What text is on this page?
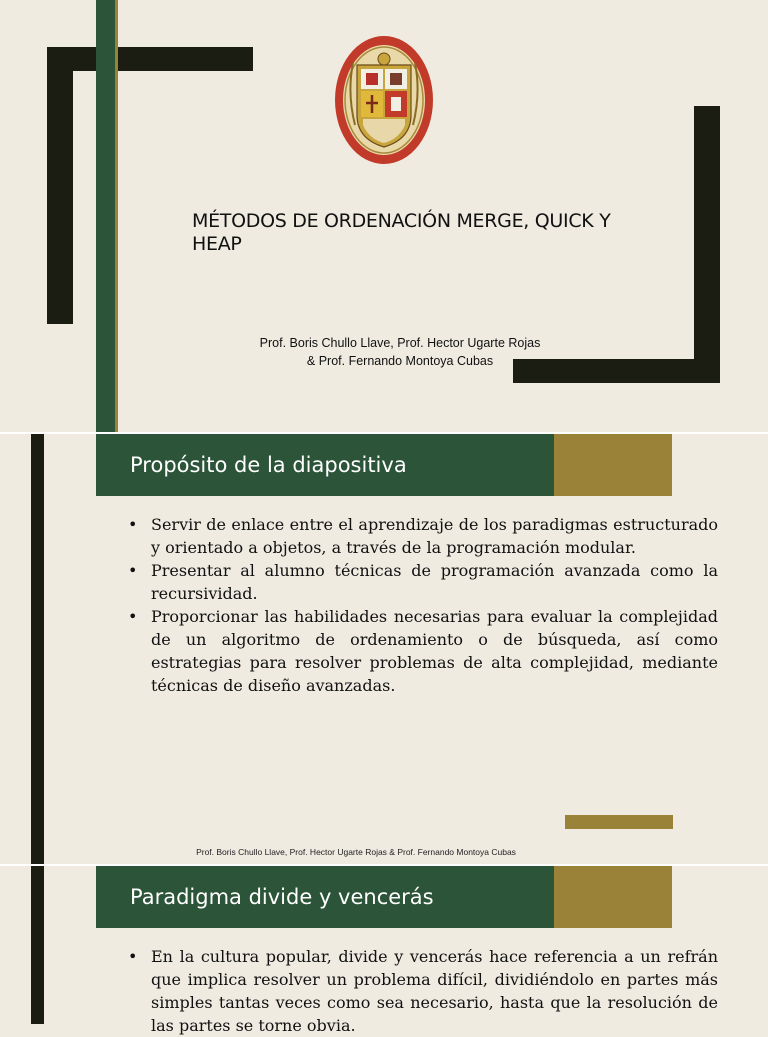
MÉTODOS DE ORDENACIÓN MERGE, QUICK Y HEAP
Prof. Boris Chullo Llave, Prof. Hector Ugarte Rojas
& Prof. Fernando Montoya Cubas
Propósito de la diapositiva
• Servir de enlace entre el aprendizaje de los paradigmas estructurado y orientado a objetos, a través de la programación modular.
• Presentar al alumno técnicas de programación avanzada como la recursividad.
• Proporcionar las habilidades necesarias para evaluar la complejidad de un algoritmo de ordenamiento o de búsqueda, así como estrategias para resolver problemas de alta complejidad, mediante técnicas de diseño avanzadas.
Prof. Boris Chullo Llave, Prof. Hector Ugarte Rojas & Prof. Fernando Montoya Cubas
Paradigma divide y vencerás
• En la cultura popular, divide y vencerás hace referencia a un refrán que implica resolver un problema difícil, dividiéndolo en partes más simples tantas veces como sea necesario, hasta que la resolución de las partes se torne obvia.
